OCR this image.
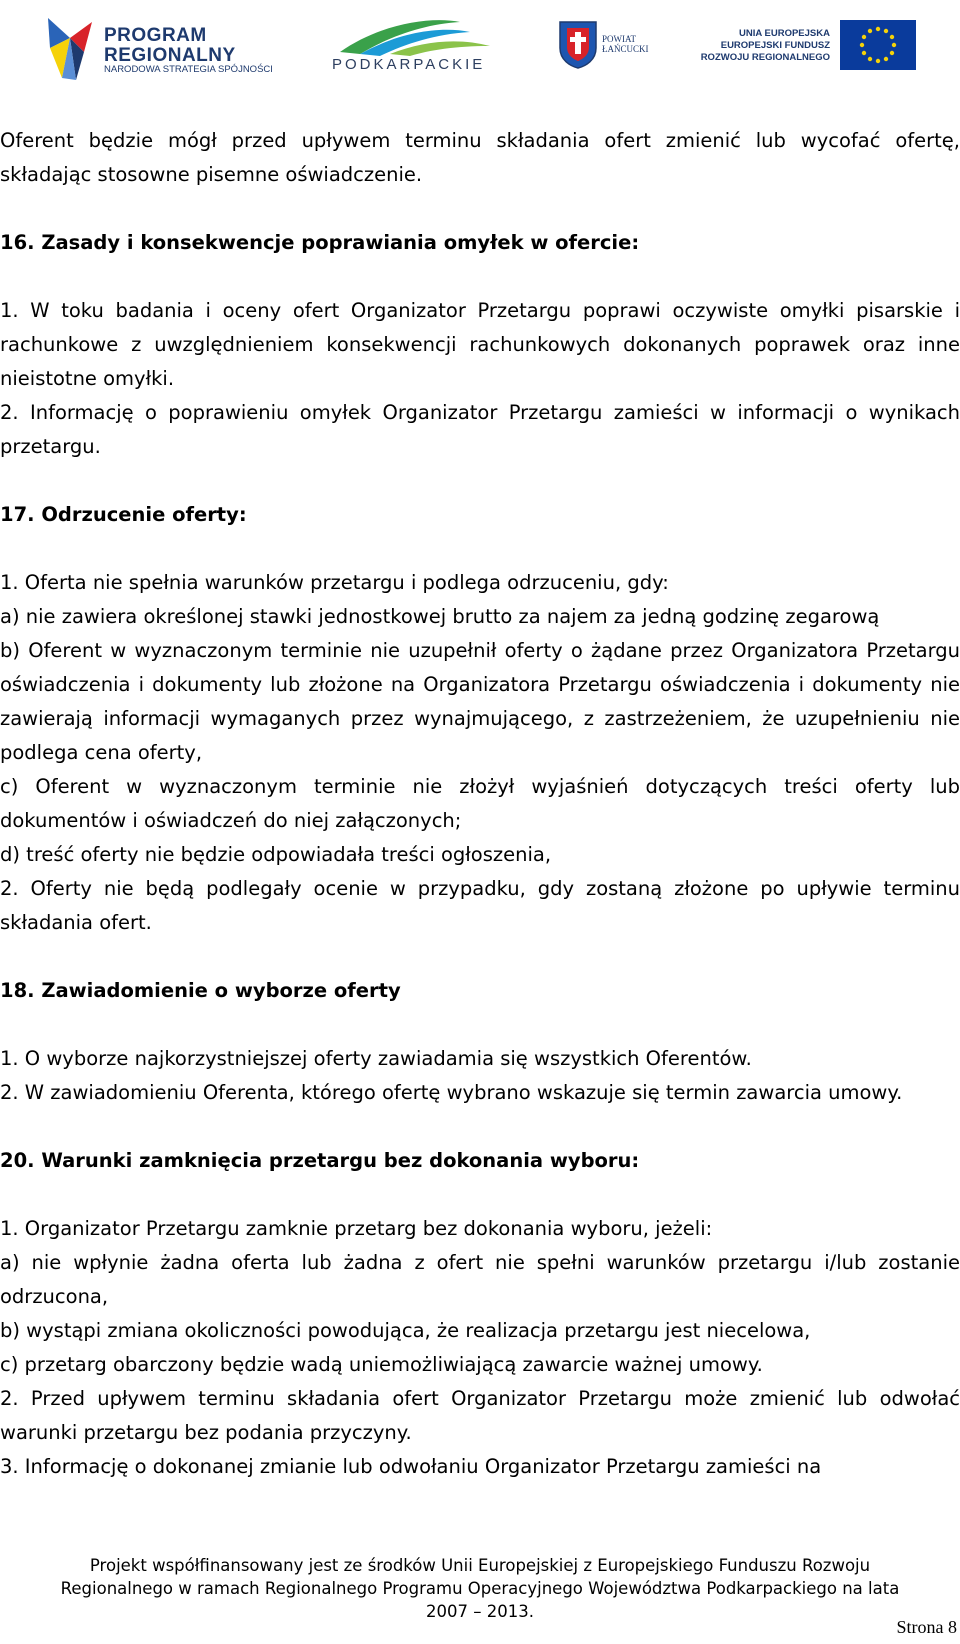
PROGRAM
REGIONALNY
NARODOWA STRATEGIA SPÓJNOŚCI	PODKARPACKIE
POWIAT
ŁAŃCUCKI
UNIA EUROPEJSKA
EUROPEJSKI FUNDUSZ
ROZWOJU REGIONALNEGO

Oferent będzie mógł przed upływem terminu składania ofert zmienić lub wycofać ofertę, składając stosowne pisemne oświadczenie.

16. Zasady i konsekwencje poprawiania omyłek w ofercie:

1. W toku badania i oceny ofert Organizator Przetargu poprawi oczywiste omyłki pisarskie i rachunkowe z uwzględnieniem konsekwencji rachunkowych dokonanych poprawek oraz inne nieistotne omyłki.

2. Informację o poprawieniu omyłek Organizator Przetargu zamieści w informacji o wynikach przetargu.

17. Odrzucenie oferty:

1. Oferta nie spełnia warunków przetargu i podlega odrzuceniu, gdy:

a) nie zawiera określonej stawki jednostkowej brutto za najem za jedną godzinę zegarową

b) Oferent w wyznaczonym terminie nie uzupełnił oferty o żądane przez Organizatora Przetargu oświadczenia i dokumenty lub złożone na Organizatora Przetargu oświadczenia i dokumenty nie zawierają informacji wymaganych przez wynajmującego, z zastrzeżeniem, że uzupełnieniu nie podlega cena oferty,

c) Oferent w wyznaczonym terminie nie złożył wyjaśnień dotyczących treści oferty lub dokumentów i oświadczeń do niej załączonych;

d) treść oferty nie będzie odpowiadała treści ogłoszenia,

2. Oferty nie będą podlegały ocenie w przypadku, gdy zostaną złożone po upływie terminu składania ofert.

18. Zawiadomienie o wyborze oferty

1. O wyborze najkorzystniejszej oferty zawiadamia się wszystkich Oferentów.

2. W zawiadomieniu Oferenta, którego ofertę wybrano wskazuje się termin zawarcia umowy.

20. Warunki zamknięcia przetargu bez dokonania wyboru:

1. Organizator Przetargu zamknie przetarg bez dokonania wyboru, jeżeli:

a) nie wpłynie żadna oferta lub żadna z ofert nie spełni warunków przetargu i/lub zostanie odrzucona,

b) wystąpi zmiana okoliczności powodująca, że realizacja przetargu jest niecelowa,

c) przetarg obarczony będzie wadą uniemożliwiającą zawarcie ważnej umowy.

2. Przed upływem terminu składania ofert Organizator Przetargu może zmienić lub odwołać warunki przetargu bez podania przyczyny.

3. Informację o dokonanej zmianie lub odwołaniu Organizator Przetargu zamieści na

Projekt współfinansowany jest ze środków Unii Europejskiej z Europejskiego Funduszu Rozwoju
Regionalnego w ramach Regionalnego Programu Operacyjnego Województwa Podkarpackiego na lata
2007 – 2013.
Strona 8
